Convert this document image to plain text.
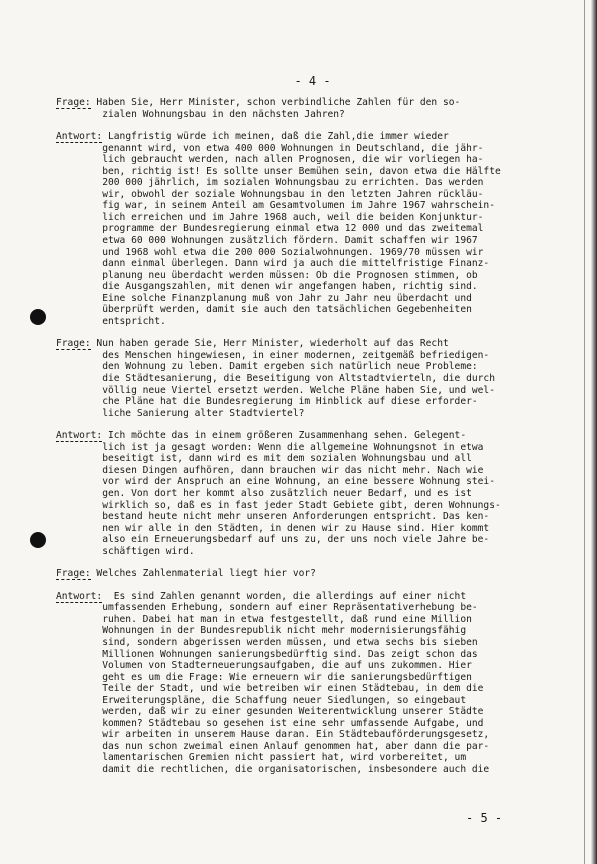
- 4 -
Frage: Haben Sie, Herr Minister, schon verbindliche Zahlen für den so-
zialen Wohnungsbau in den nächsten Jahren?
Antwort: Langfristig würde ich meinen, daß die Zahl,die immer wieder
genannt wird, von etwa 400 000 Wohnungen in Deutschland, die jähr-
lich gebraucht werden, nach allen Prognosen, die wir vorliegen ha-
ben, richtig ist! Es sollte unser Bemühen sein, davon etwa die Hälfte
200 000 jährlich, im sozialen Wohnungsbau zu errichten. Das werden
wir, obwohl der soziale Wohnungsbau in den letzten Jahren rückläu-
fig war, in seinem Anteil am Gesamtvolumen im Jahre 1967 wahrschein-
lich erreichen und im Jahre 1968 auch, weil die beiden Konjunktur-
programme der Bundesregierung einmal etwa 12 000 und das zweitemal
etwa 60 000 Wohnungen zusätzlich fördern. Damit schaffen wir 1967
und 1968 wohl etwa die 200 000 Sozialwohnungen. 1969/70 müssen wir
dann einmal überlegen. Dann wird ja auch die mittelfristige Finanz-
planung neu überdacht werden müssen: Ob die Prognosen stimmen, ob
die Ausgangszahlen, mit denen wir angefangen haben, richtig sind.
Eine solche Finanzplanung muß von Jahr zu Jahr neu überdacht und
überprüft werden, damit sie auch den tatsächlichen Gegebenheiten
entspricht.
Frage: Nun haben gerade Sie, Herr Minister, wiederholt auf das Recht
des Menschen hingewiesen, in einer modernen, zeitgemäß befriedigen-
den Wohnung zu leben. Damit ergeben sich natürlich neue Probleme:
die Städtesanierung, die Beseitigung von Altstadtvierteln, die durch
völlig neue Viertel ersetzt werden. Welche Pläne haben Sie, und wel-
che Pläne hat die Bundesregierung im Hinblick auf diese erforder-
liche Sanierung alter Stadtviertel?
Antwort: Ich möchte das in einem größeren Zusammenhang sehen. Gelegent-
lich ist ja gesagt worden: Wenn die allgemeine Wohnungsnot in etwa
beseitigt ist, dann wird es mit dem sozialen Wohnungsbau und all
diesen Dingen aufhören, dann brauchen wir das nicht mehr. Nach wie
vor wird der Anspruch an eine Wohnung, an eine bessere Wohnung stei-
gen. Von dort her kommt also zusätzlich neuer Bedarf, und es ist
wirklich so, daß es in fast jeder Stadt Gebiete gibt, deren Wohnungs-
bestand heute nicht mehr unseren Anforderungen entspricht. Das ken-
nen wir alle in den Städten, in denen wir zu Hause sind. Hier kommt
also ein Erneuerungsbedarf auf uns zu, der uns noch viele Jahre be-
schäftigen wird.
Frage: Welches Zahlenmaterial liegt hier vor?
Antwort:  Es sind Zahlen genannt worden, die allerdings auf einer nicht
umfassenden Erhebung, sondern auf einer Repräsentativerhebung be-
ruhen. Dabei hat man in etwa festgestellt, daß rund eine Million
Wohnungen in der Bundesrepublik nicht mehr modernisierungsfähig
sind, sondern abgerissen werden müssen, und etwa sechs bis sieben
Millionen Wohnungen sanierungsbedürftig sind. Das zeigt schon das
Volumen von Stadterneuerungsaufgaben, die auf uns zukommen. Hier
geht es um die Frage: Wie erneuern wir die sanierungsbedürftigen
Teile der Stadt, und wie betreiben wir einen Städtebau, in dem die
Erweiterungspläne, die Schaffung neuer Siedlungen, so eingebaut
werden, daß wir zu einer gesunden Weiterentwicklung unserer Städte
kommen? Städtebau so gesehen ist eine sehr umfassende Aufgabe, und
wir arbeiten in unserem Hause daran. Ein Städtebauförderungsgesetz,
das nun schon zweimal einen Anlauf genommen hat, aber dann die par-
lamentarischen Gremien nicht passiert hat, wird vorbereitet, um
damit die rechtlichen, die organisatorischen, insbesondere auch die
- 5 -
